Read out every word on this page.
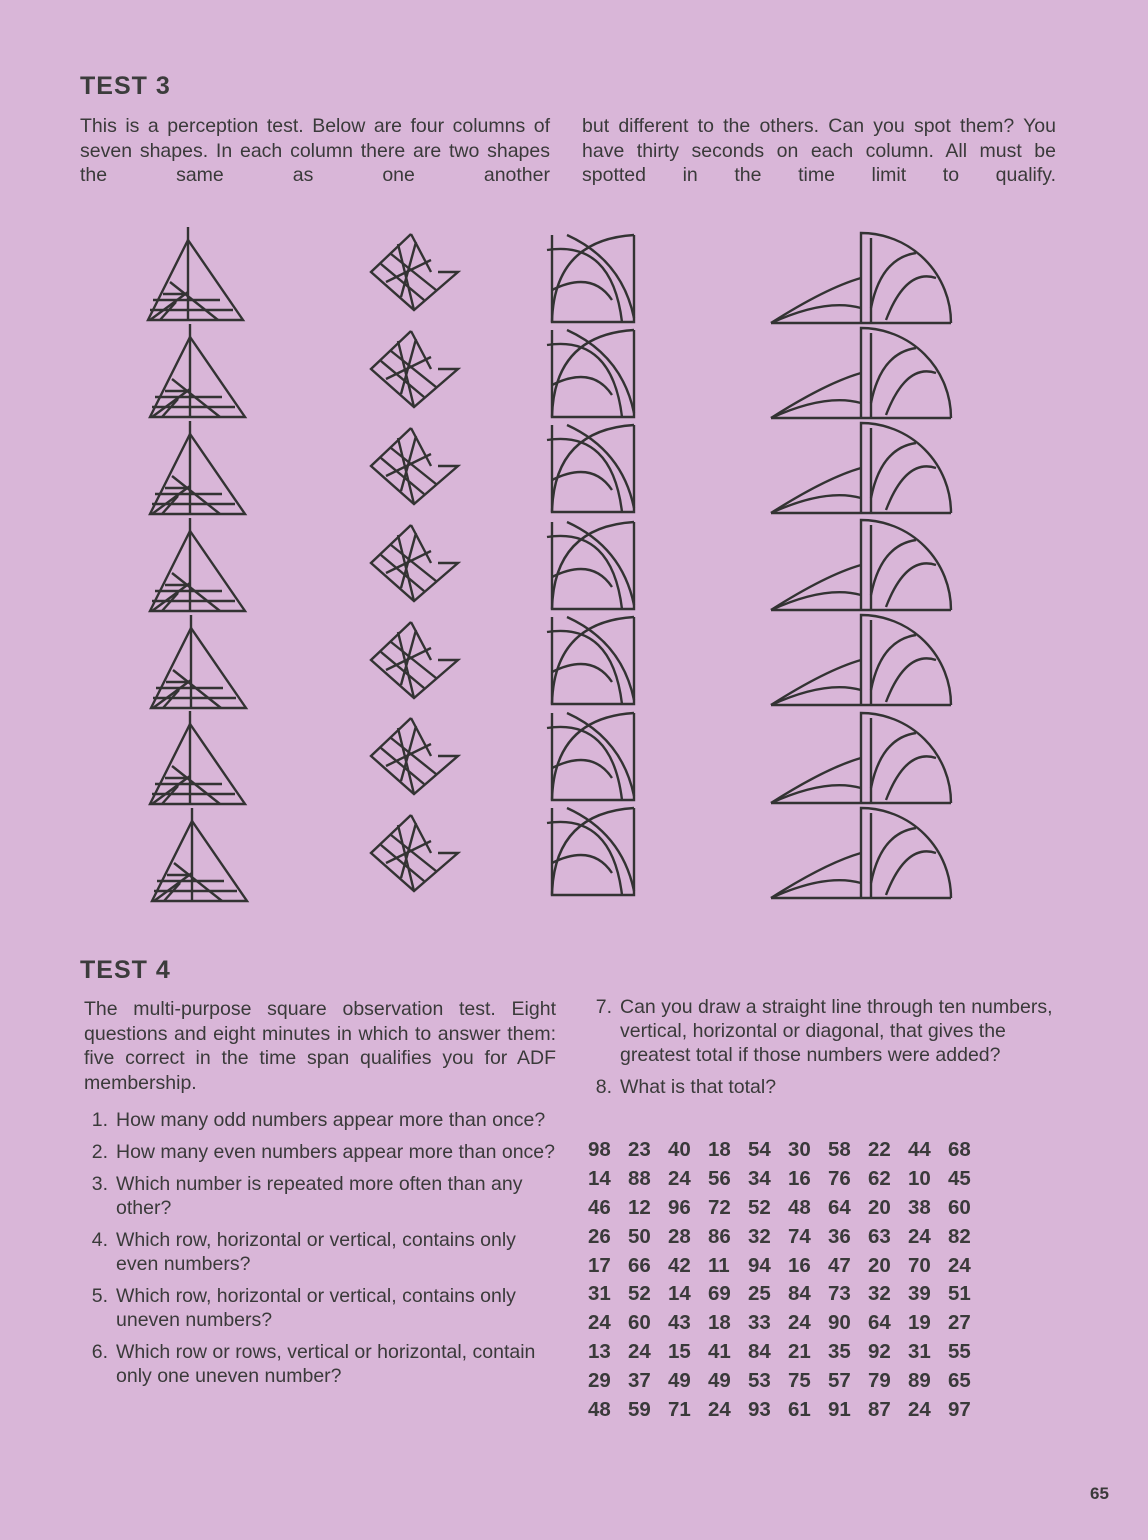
TEST 3
This is a perception test. Below are four columns of seven shapes. In each column there are two shapes the same as one another
but different to the others. Can you spot them? You have thirty seconds on each column. All must be spotted in the time limit to qualify.
TEST 4
The multi-purpose square observation test. Eight questions and eight minutes in which to answer them: five correct in the time span qualifies you for ADF membership.
1. How many odd numbers appear more than once?
2. How many even numbers appear more than once?
3. Which number is repeated more often than any other?
4. Which row, horizontal or vertical, contains only even numbers?
5. Which row, horizontal or vertical, contains only uneven numbers?
6. Which row or rows, vertical or horizontal, contain only one uneven number?
7. Can you draw a straight line through ten numbers, vertical, horizontal or diagonal, that gives the greatest total if those numbers were added?
8. What is that total?
98	23	40	18	54	30	58	22	44	68
14	88	24	56	34	16	76	62	10	45
46	12	96	72	52	48	64	20	38	60
26	50	28	86	32	74	36	63	24	82
17	66	42	11	94	16	47	20	70	24
31	52	14	69	25	84	73	32	39	51
24	60	43	18	33	24	90	64	19	27
13	24	15	41	84	21	35	92	31	55
29	37	49	49	53	75	57	79	89	65
48	59	71	24	93	61	91	87	24	97
65
